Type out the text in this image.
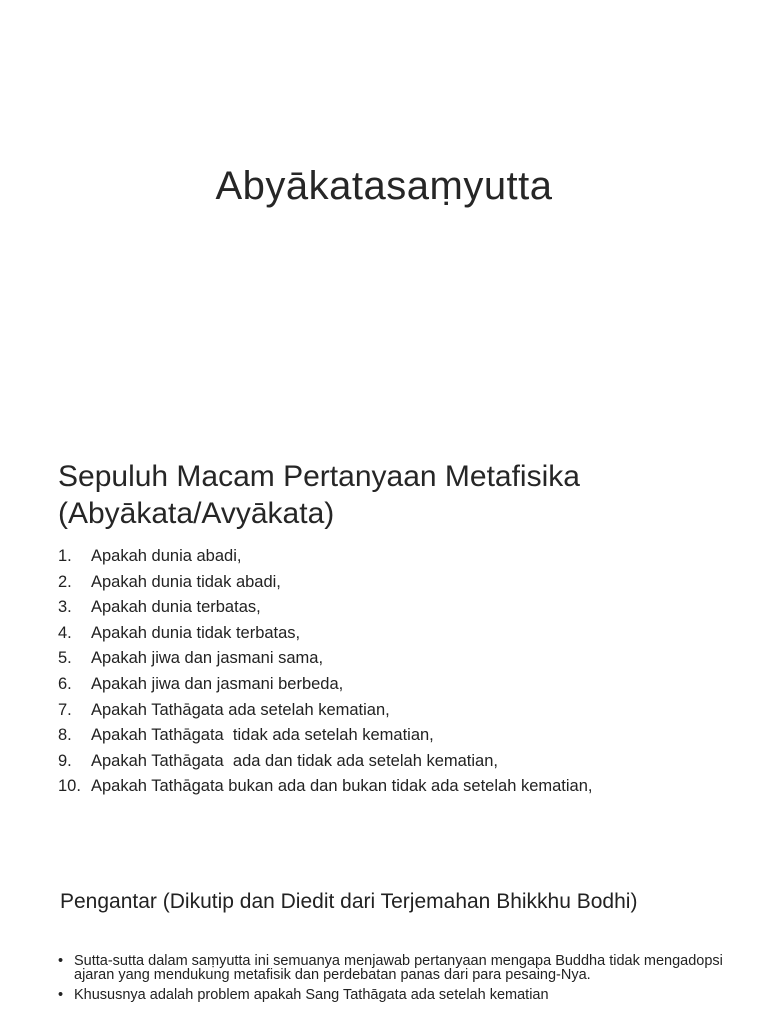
Abyākatasaṃyutta
Sepuluh Macam Pertanyaan Metafisika
(Abyākata/Avyākata)
1.	Apakah dunia abadi,
2.	Apakah dunia tidak abadi,
3.	Apakah dunia terbatas,
4.	Apakah dunia tidak terbatas,
5.	Apakah jiwa dan jasmani sama,
6.	Apakah jiwa dan jasmani berbeda,
7.	Apakah Tathāgata ada setelah kematian,
8.	Apakah Tathāgata  tidak ada setelah kematian,
9.	Apakah Tathāgata  ada dan tidak ada setelah kematian,
10. Apakah Tathāgata bukan ada dan bukan tidak ada setelah kematian,
Pengantar (Dikutip dan Diedit dari Terjemahan Bhikkhu Bodhi)
• Sutta-sutta dalam saṃyutta ini semuanya menjawab pertanyaan mengapa Buddha tidak mengadopsi ajaran yang mendukung metafisik dan perdebatan panas dari para pesaing-Nya.
• Khususnya adalah problem apakah Sang Tathāgata ada setelah kematian
